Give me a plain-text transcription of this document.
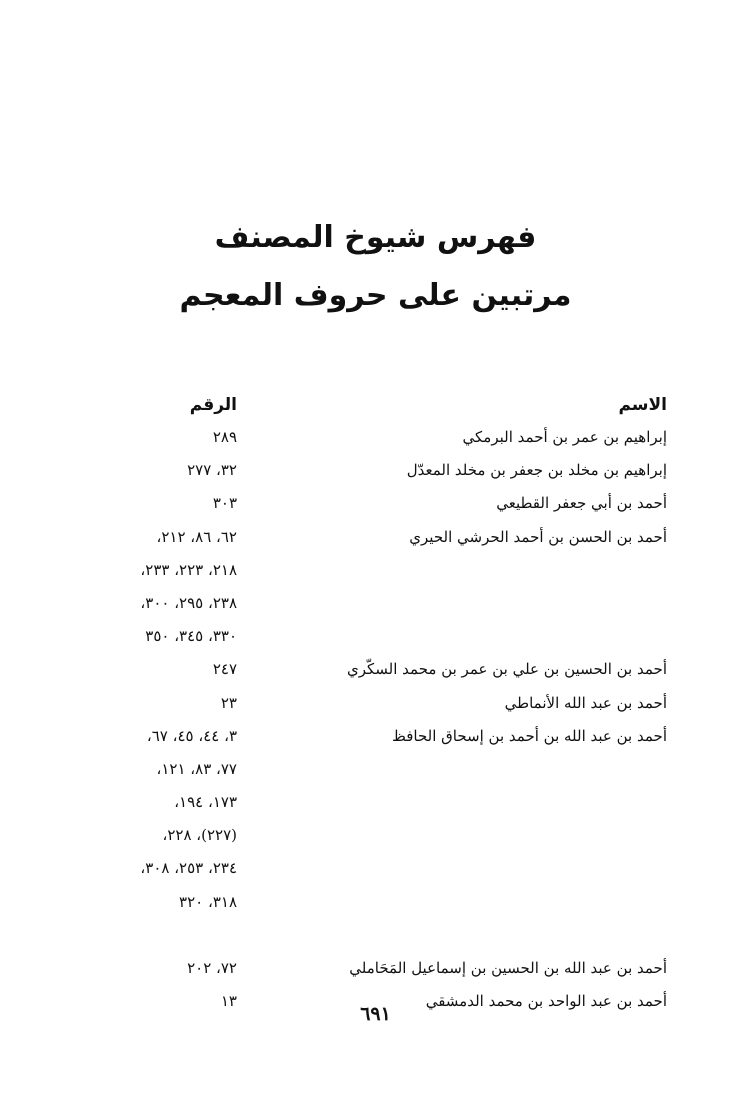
فهرس شيوخ المصنف
مرتبين على حروف المعجم
الاسم
الرقم
إبراهيم بن عمر بن أحمد البرمكي
٢٨٩
إبراهيم بن مخلد بن جعفر بن مخلد المعدّل
٣٢، ٢٧٧
أحمد بن أبي جعفر القطيعي
٣٠٣
أحمد بن الحسن بن أحمد الحرشي الحيري
٦٢، ٨٦، ٢١٢،
٢١٨، ٢٢٣، ٢٣٣،
٢٣٨، ٢٩٥، ٣٠٠،
٣٣٠، ٣٤٥، ٣٥٠
أحمد بن الحسين بن علي بن عمر بن محمد السكّري
٢٤٧
أحمد بن عبد الله الأنماطي
٢٣
أحمد بن عبد الله بن أحمد بن إسحاق الحافظ
٣، ٤٤، ٤٥، ٦٧،
٧٧، ٨٣، ١٢١،
١٧٣، ١٩٤،
(٢٢٧)، ٢٢٨،
٢٣٤، ٢٥٣، ٣٠٨،
٣١٨، ٣٢٠
أحمد بن عبد الله بن الحسين بن إسماعيل المَحَاملي
٧٢، ٢٠٢
أحمد بن عبد الواحد بن محمد الدمشقي
١٣
٦٩١
